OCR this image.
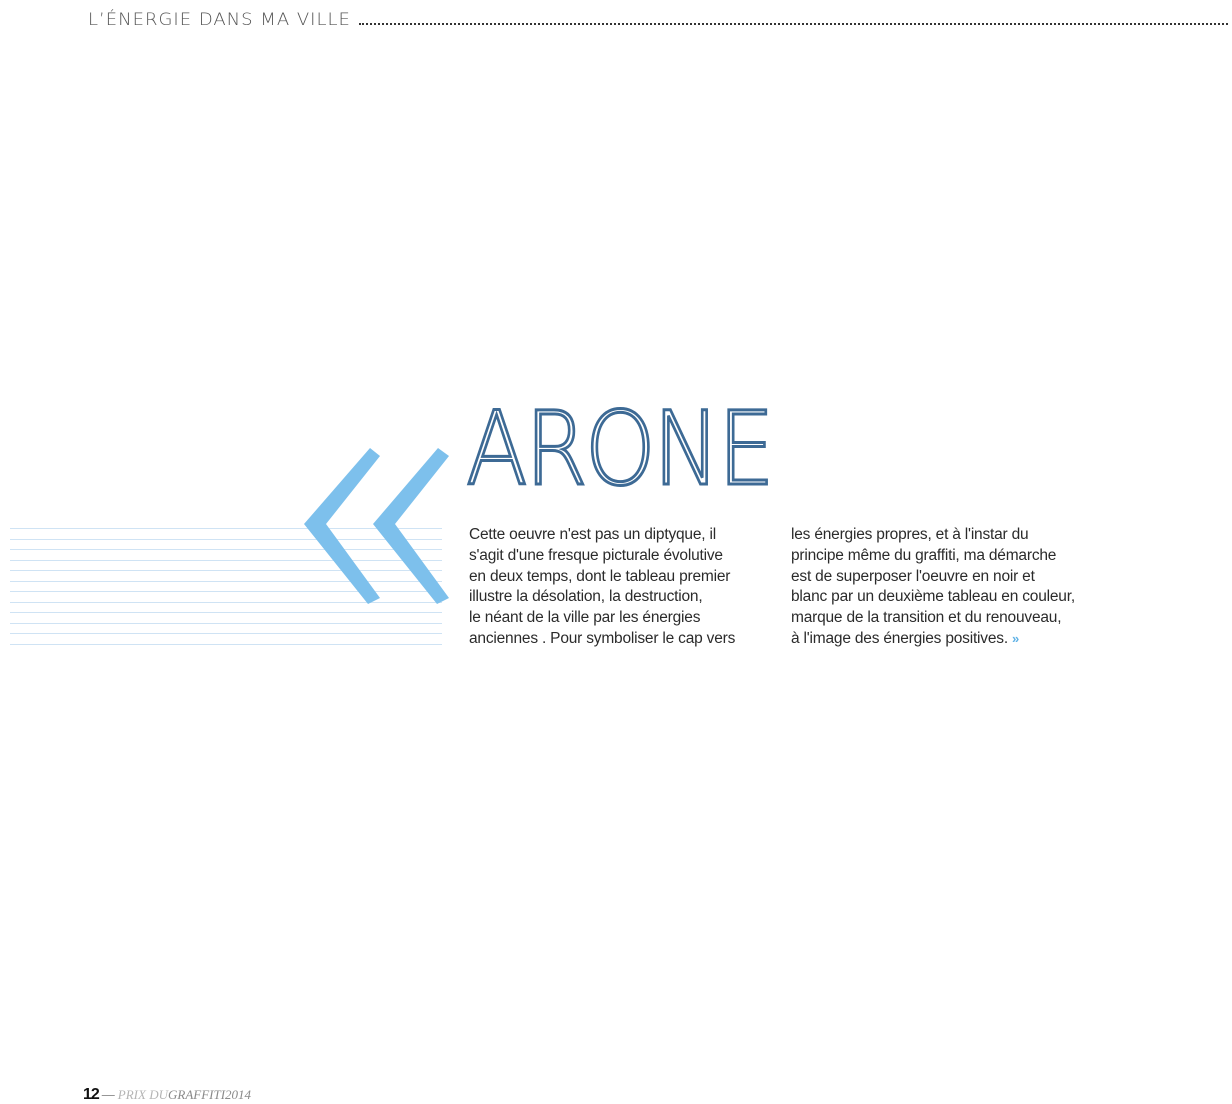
L’ÉNERGIE DANS MA VILLE
ARONE

Cette oeuvre n'est pas un diptyque, il

s'agit d'une fresque picturale évolutive

en deux temps, dont le tableau premier

illustre la désolation, la destruction,

le néant de la ville par les énergies

anciennes . Pour symboliser le cap vers

les énergies propres, et à l'instar du

principe même du graffiti, ma démarche

est de superposer l'oeuvre en noir et

blanc par un deuxième tableau en couleur,

marque de la transition et du renouveau,

à l'image des énergies positives. »

12 — PRIX DUGRAFFITI2014
